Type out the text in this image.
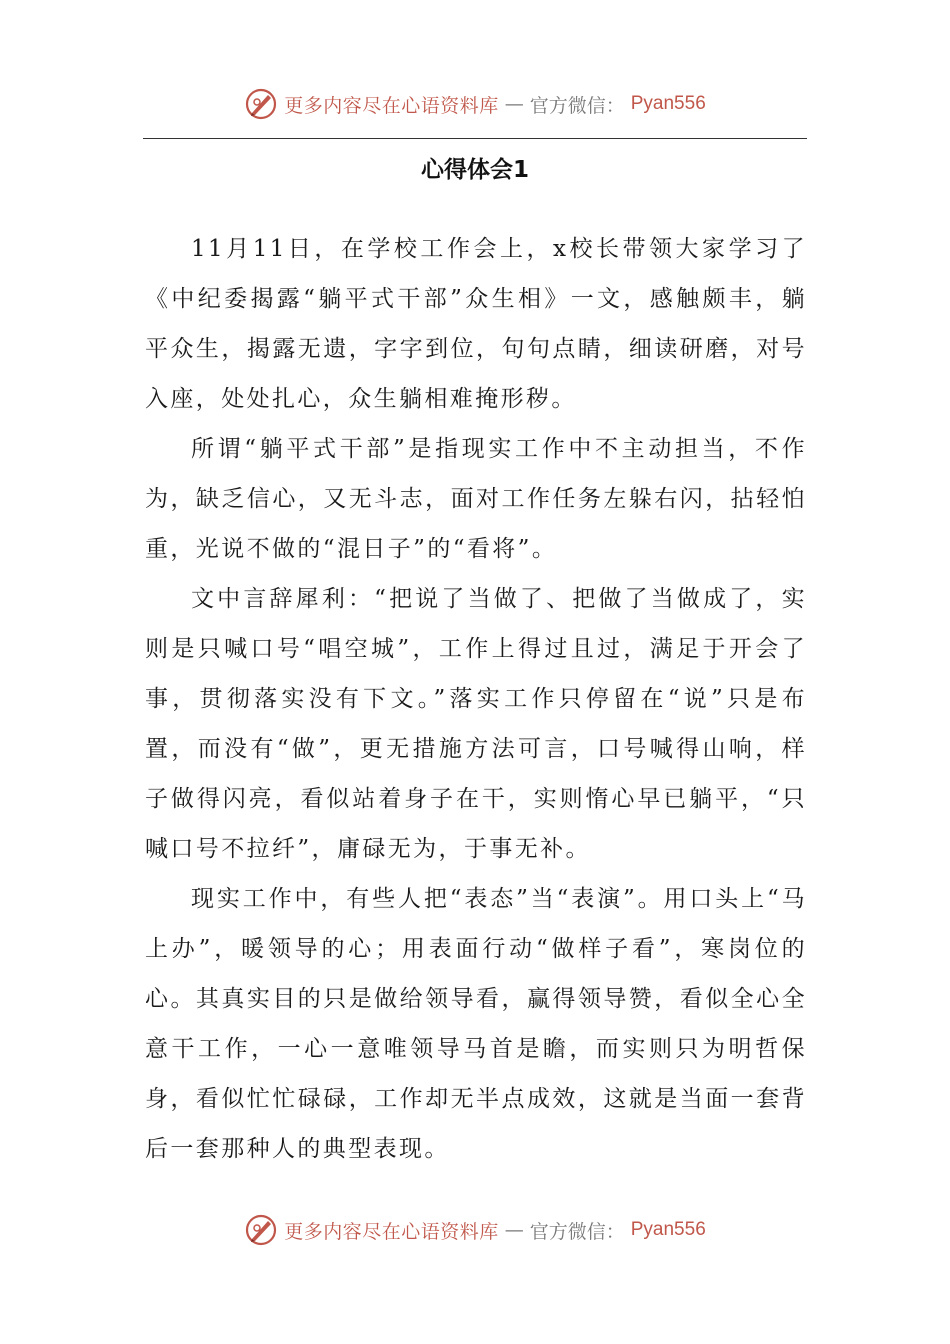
更多内容尽在心语资料库 — 官方微信： Pyan556
心得体会1

11月11日，在学校工作会上，x校长带领大家学习了《中纪委揭露“躺平式干部”众生相》一文，感触颇丰，躺平众生，揭露无遗，字字到位，句句点睛，细读研磨，对号入座，处处扎心，众生躺相难掩形秽。

所谓“躺平式干部”是指现实工作中不主动担当，不作为，缺乏信心，又无斗志，面对工作任务左躲右闪，拈轻怕重，光说不做的“混日子”的“看将”。

文中言辞犀利：“把说了当做了、把做了当做成了，实则是只喊口号“唱空城”，工作上得过且过，满足于开会了事，贯彻落实没有下文。”落实工作只停留在“说”只是布置，而没有“做”，更无措施方法可言，口号喊得山响，样子做得闪亮，看似站着身子在干，实则惰心早已躺平，“只喊口号不拉纤”，庸碌无为，于事无补。

现实工作中，有些人把“表态”当“表演”。用口头上“马上办”，暖领导的心；用表面行动“做样子看”，寒岗位的心。其真实目的只是做给领导看，赢得领导赞，看似全心全意干工作，一心一意唯领导马首是瞻，而实则只为明哲保身，看似忙忙碌碌，工作却无半点成效，这就是当面一套背后一套那种人的典型表现。

更多内容尽在心语资料库 — 官方微信： Pyan556
